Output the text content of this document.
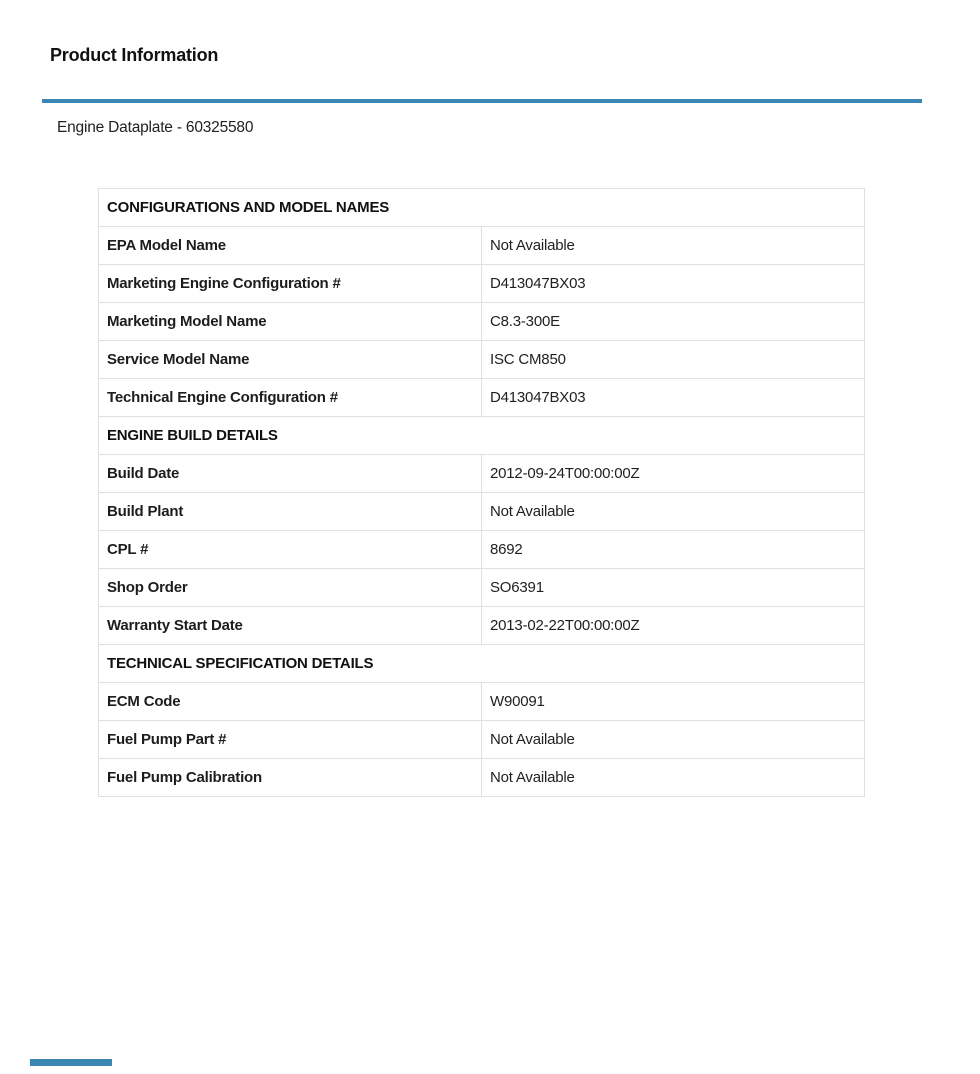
Product Information
Engine Dataplate - 60325580
CONFIGURATIONS AND MODEL NAMES	
EPA Model Name	Not Available
Marketing Engine Configuration #	D413047BX03
Marketing Model Name	C8.3-300E
Service Model Name	ISC CM850
Technical Engine Configuration #	D413047BX03
ENGINE BUILD DETAILS	
Build Date	2012-09-24T00:00:00Z
Build Plant	Not Available
CPL #	8692
Shop Order	SO6391
Warranty Start Date	2013-02-22T00:00:00Z
TECHNICAL SPECIFICATION DETAILS	
ECM Code	W90091
Fuel Pump Part #	Not Available
Fuel Pump Calibration	Not Available
